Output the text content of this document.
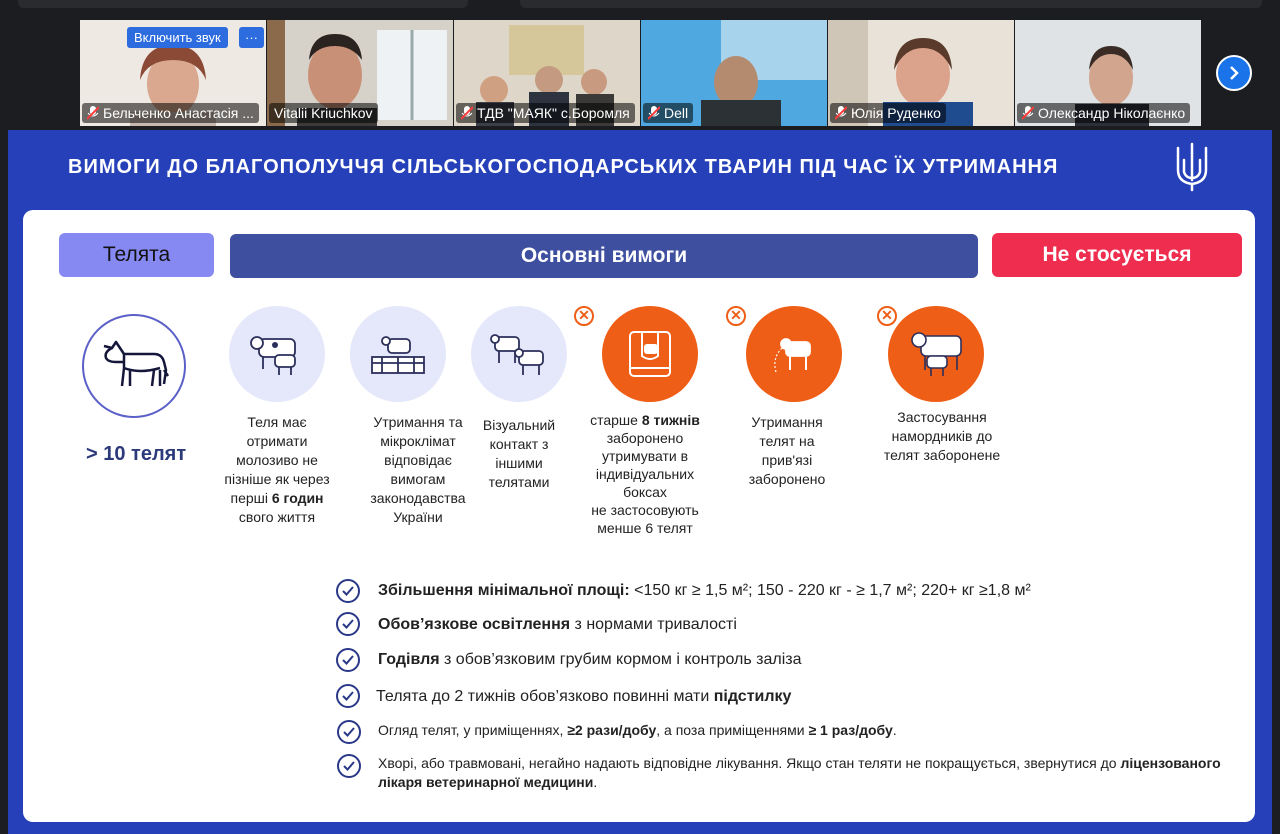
Включить звук	···
Бельченко Анастасія ... Vitalii Kriuchkov	ТДВ "МАЯК" с.Боромля Dell	Юлія Руденко	Олександр Ніколаєнко
ВИМОГИ ДО БЛАГОПОЛУЧЧЯ СІЛЬСЬКОГОСПОДАРСЬКИХ ТВАРИН ПІД ЧАС ЇХ УТРИМАННЯ
Телята	Основні вимоги	Не стосується
> 10 телят
✕	✕	✕
Теля має
отримати
молозиво не
пізніше як через
перші 6 годин
свого життя
Утримання та
мікроклімат
відповідає
вимогам
законодавства
України
Візуальний
контакт з
іншими
телятами
старше 8 тижнів
заборонено
утримувати в
індивідуальних
боксах
не застосовують
менше 6 телят
Утримання
телят на
прив'язі
заборонено
Застосування
намордників до
телят заборонене
Збільшення мінімальної площі: <150 кг ≥ 1,5 м²; 150 - 220 кг - ≥ 1,7 м²; 220+ кг ≥1,8 м²
Обов’язкове освітлення з нормами тривалості
Годівля з обов’язковим грубим кормом і контроль заліза
Телята до 2 тижнів обов’язково повинні мати підстилку
Огляд телят, у приміщеннях, ≥2 рази/добу, а поза приміщеннями ≥ 1 раз/добу.
Хворі, або травмовані, негайно надають відповідне лікування. Якщо стан теляти не покращується, звернутися до ліцензованого лікаря ветеринарної медицини.
